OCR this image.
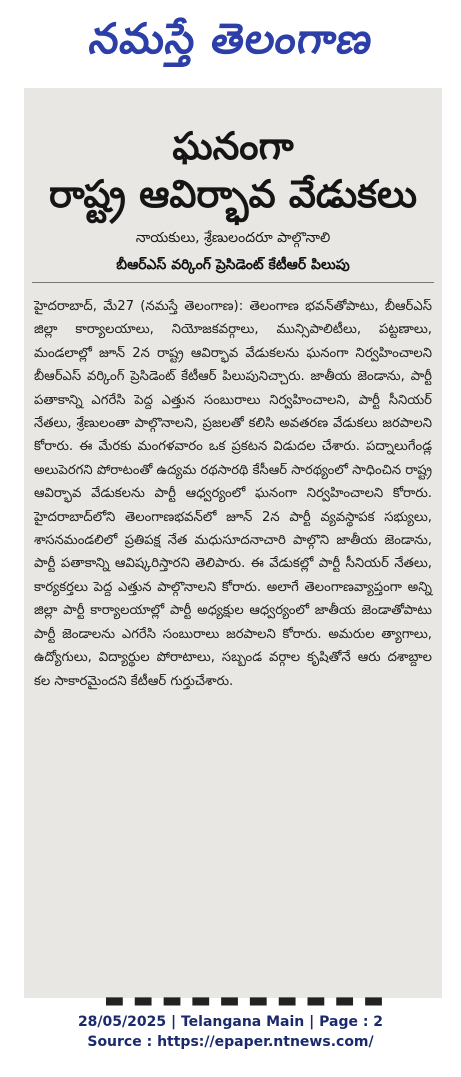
నమస్తే తెలంగాణ
ఘనంగా
రాష్ట్ర ఆవిర్భావ వేడుకలు
నాయకులు, శ్రేణులందరూ పాల్గొనాలి
బీఆర్‌ఎస్ వర్కింగ్ ప్రెసిడెంట్ కేటీఆర్ పిలుపు

హైదరాబాద్, మే27 (నమస్తే తెలంగాణ): తెలంగాణ భవన్‌తోపాటు, బీఆర్‌ఎస్ జిల్లా కార్యాలయాలు, నియోజకవర్గాలు, మున్సిపాలిటీలు, పట్టణాలు, మండలాల్లో జూన్ 2న రాష్ట్ర ఆవిర్భావ వేడుకలను ఘనంగా నిర్వహించాలని బీఆర్‌ఎస్ వర్కింగ్ ప్రెసిడెంట్ కేటీఆర్ పిలుపునిచ్చారు. జాతీయ జెండాను, పార్టీ పతాకాన్ని ఎగరేసి పెద్ద ఎత్తున సంబురాలు నిర్వహించాలని, పార్టీ సీనియర్ నేతలు, శ్రేణులంతా పాల్గొనాలని, ప్రజలతో కలిసి అవతరణ వేడుకలు జరపాలని కోరారు. ఈ మేరకు మంగళవారం ఒక ప్రకటన విడుదల చేశారు. పద్నాలుగేండ్ల అలుపెరగని పోరాటంతో ఉద్యమ రథసారథి కేసీఆర్ సారథ్యంలో సాధించిన రాష్ట్ర ఆవిర్భావ వేడుకలను పార్టీ ఆధ్వర్యంలో ఘనంగా నిర్వహించాలని కోరారు. హైదరాబాద్‌లోని తెలంగాణభవన్‌లో జూన్ 2న పార్టీ వ్యవస్థాపక సభ్యులు, శాసనమండలిలో ప్రతిపక్ష నేత మధుసూదనాచారి పాల్గొని జాతీయ జెండాను, పార్టీ పతాకాన్ని ఆవిష్కరిస్తారని తెలిపారు. ఈ వేడుకల్లో పార్టీ సీనియర్ నేతలు, కార్యకర్తలు పెద్ద ఎత్తున పాల్గొనాలని కోరారు. అలాగే తెలంగాణవ్యాప్తంగా అన్ని జిల్లా పార్టీ కార్యాలయాల్లో పార్టీ అధ్యక్షుల ఆధ్వర్యంలో జాతీయ జెండాతోపాటు పార్టీ జెండాలను ఎగరేసి సంబురాలు జరపాలని కోరారు. అమరుల త్యాగాలు, ఉద్యోగులు, విద్యార్థుల పోరాటాలు, సబ్బండ వర్గాల కృషితోనే ఆరు దశాబ్దాల కల సాకారమైందని కేటీఆర్ గుర్తుచేశారు.

▬▬▬▬▬▬▬▬▬▬
28/05/2025 | Telangana Main | Page : 2
Source : https://epaper.ntnews.com/
